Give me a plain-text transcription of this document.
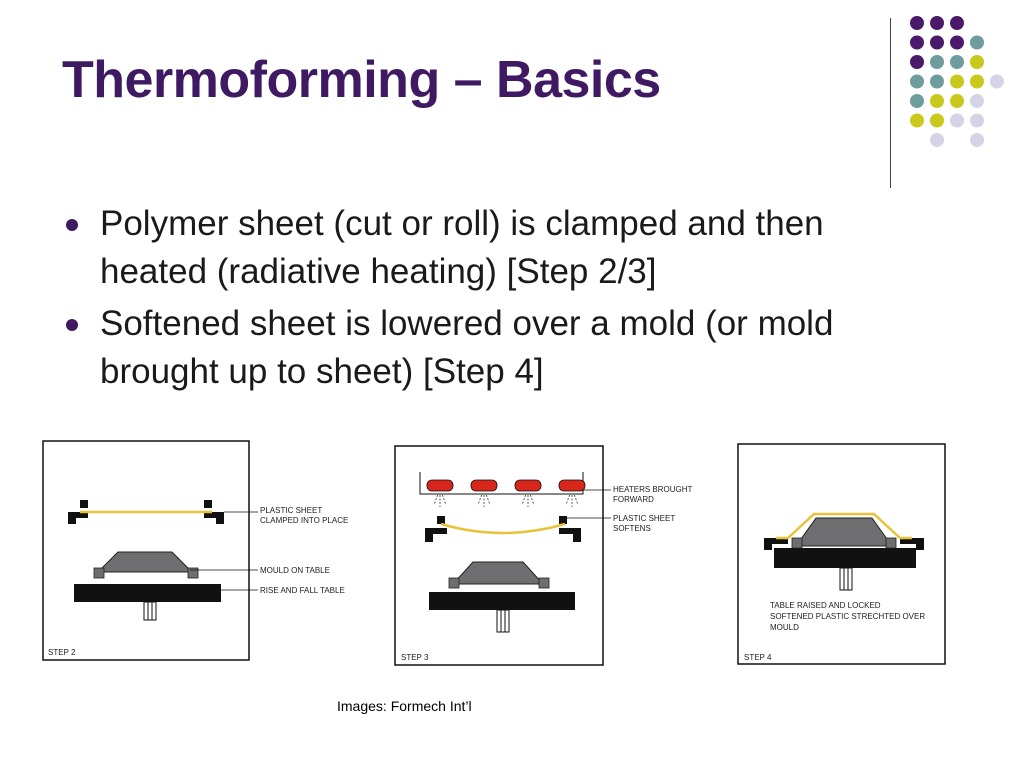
Thermoforming – Basics
Polymer sheet (cut or roll) is clamped and then heated (radiative heating) [Step 2/3]
Softened sheet is lowered over a mold (or mold brought up to sheet) [Step 4]
PLASTIC SHEET CLAMPED INTO PLACE
MOULD ON TABLE
RISE AND FALL TABLE
STEP 2
HEATERS BROUGHT FORWARD
PLASTIC SHEET SOFTENS
STEP 3
TABLE RAISED AND LOCKED SOFTENED PLASTIC STRECHTED OVER MOULD
STEP 4
Images: Formech Int’l
